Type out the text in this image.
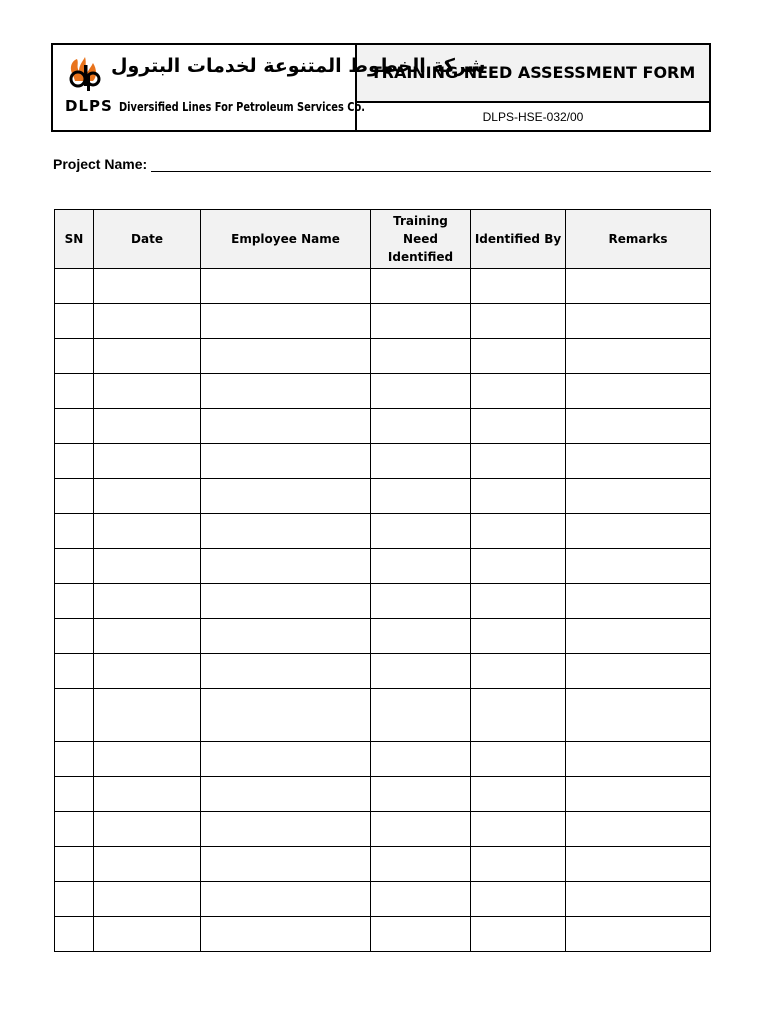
شركة الخطوط المتنوعة لخدمات البترول
DLPS Diversified Lines For Petroleum Services Co.
TRAINING NEED ASSESSMENT FORM
DLPS-HSE-032/00
Project Name:
SN	Date	Employee Name	Training Need Identified	Identified By	Remarks
